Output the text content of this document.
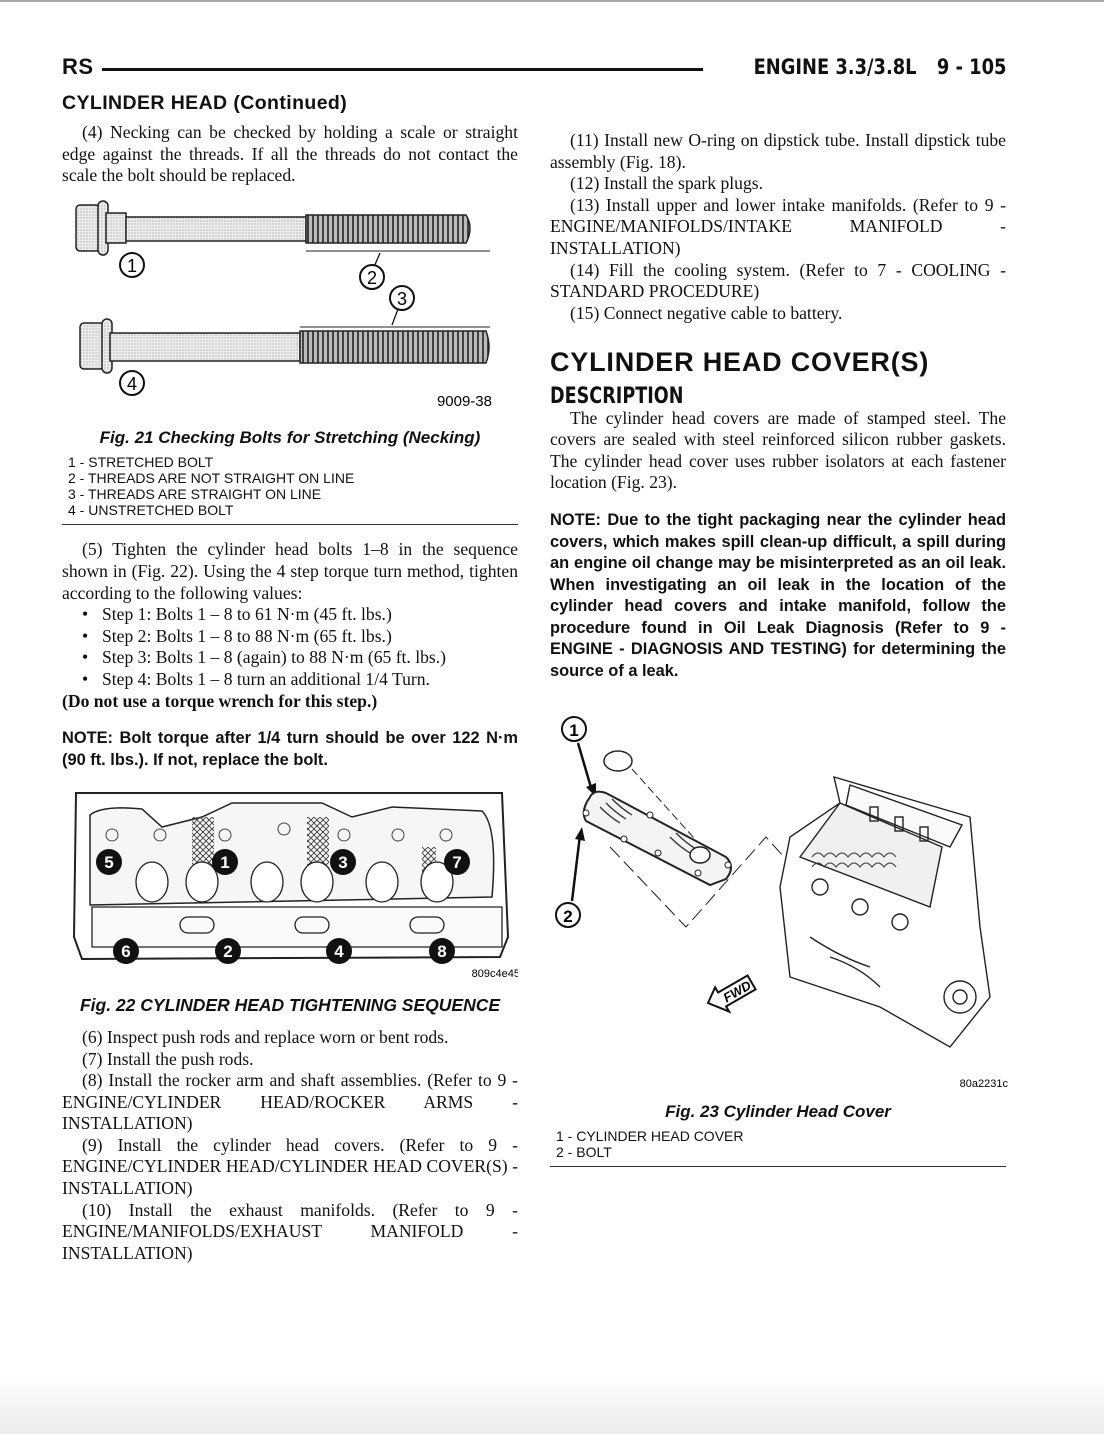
RS	ENGINE 3.3/3.8L 9 - 105
CYLINDER HEAD (Continued)

(4) Necking can be checked by holding a scale or straight edge against the threads. If all the threads do not contact the scale the bolt should be replaced.

1
2
3
4
9009-38

Fig. 21 Checking Bolts for Stretching (Necking)

1 - STRETCHED BOLT
2 - THREADS ARE NOT STRAIGHT ON LINE
3 - THREADS ARE STRAIGHT ON LINE
4 - UNSTRETCHED BOLT

(5) Tighten the cylinder head bolts 1–8 in the sequence shown in (Fig. 22). Using the 4 step torque turn method, tighten according to the following values:

• Step 1: Bolts 1 – 8 to 61 N·m (45 ft. lbs.)
• Step 2: Bolts 1 – 8 to 88 N·m (65 ft. lbs.)
• Step 3: Bolts 1 – 8 (again) to 88 N·m (65 ft. lbs.)
• Step 4: Bolts 1 – 8 turn an additional 1/4 Turn.

(Do not use a torque wrench for this step.)

NOTE: Bolt torque after 1/4 turn should be over 122 N·m (90 ft. lbs.). If not, replace the bolt.

5	1	3	7
6	2	4	8
809c4e45

Fig. 22 CYLINDER HEAD TIGHTENING SEQUENCE

(6) Inspect push rods and replace worn or bent rods.

(7) Install the push rods.

(8) Install the rocker arm and shaft assemblies. (Refer to 9 - ENGINE/CYLINDER HEAD/ROCKER ARMS - INSTALLATION)

(9) Install the cylinder head covers. (Refer to 9 - ENGINE/CYLINDER HEAD/CYLINDER HEAD COVER(S) - INSTALLATION)

(10) Install the exhaust manifolds. (Refer to 9 - ENGINE/MANIFOLDS/EXHAUST MANIFOLD - INSTALLATION)

(11) Install new O-ring on dipstick tube. Install dipstick tube assembly (Fig. 18).

(12) Install the spark plugs.

(13) Install upper and lower intake manifolds. (Refer to 9 - ENGINE/MANIFOLDS/INTAKE MANIFOLD - INSTALLATION)

(14) Fill the cooling system. (Refer to 7 - COOLING - STANDARD PROCEDURE)

(15) Connect negative cable to battery.

CYLINDER HEAD COVER(S)
DESCRIPTION

The cylinder head covers are made of stamped steel. The covers are sealed with steel reinforced silicon rubber gaskets. The cylinder head cover uses rubber isolators at each fastener location (Fig. 23).

NOTE: Due to the tight packaging near the cylinder head covers, which makes spill clean-up difficult, a spill during an engine oil change may be misinterpreted as an oil leak. When investigating an oil leak in the location of the cylinder head covers and intake manifold, follow the procedure found in Oil Leak Diagnosis (Refer to 9 - ENGINE - DIAGNOSIS AND TESTING) for determining the source of a leak.

1
2
FWD
80a2231c

Fig. 23 Cylinder Head Cover

1 - CYLINDER HEAD COVER
2 - BOLT
